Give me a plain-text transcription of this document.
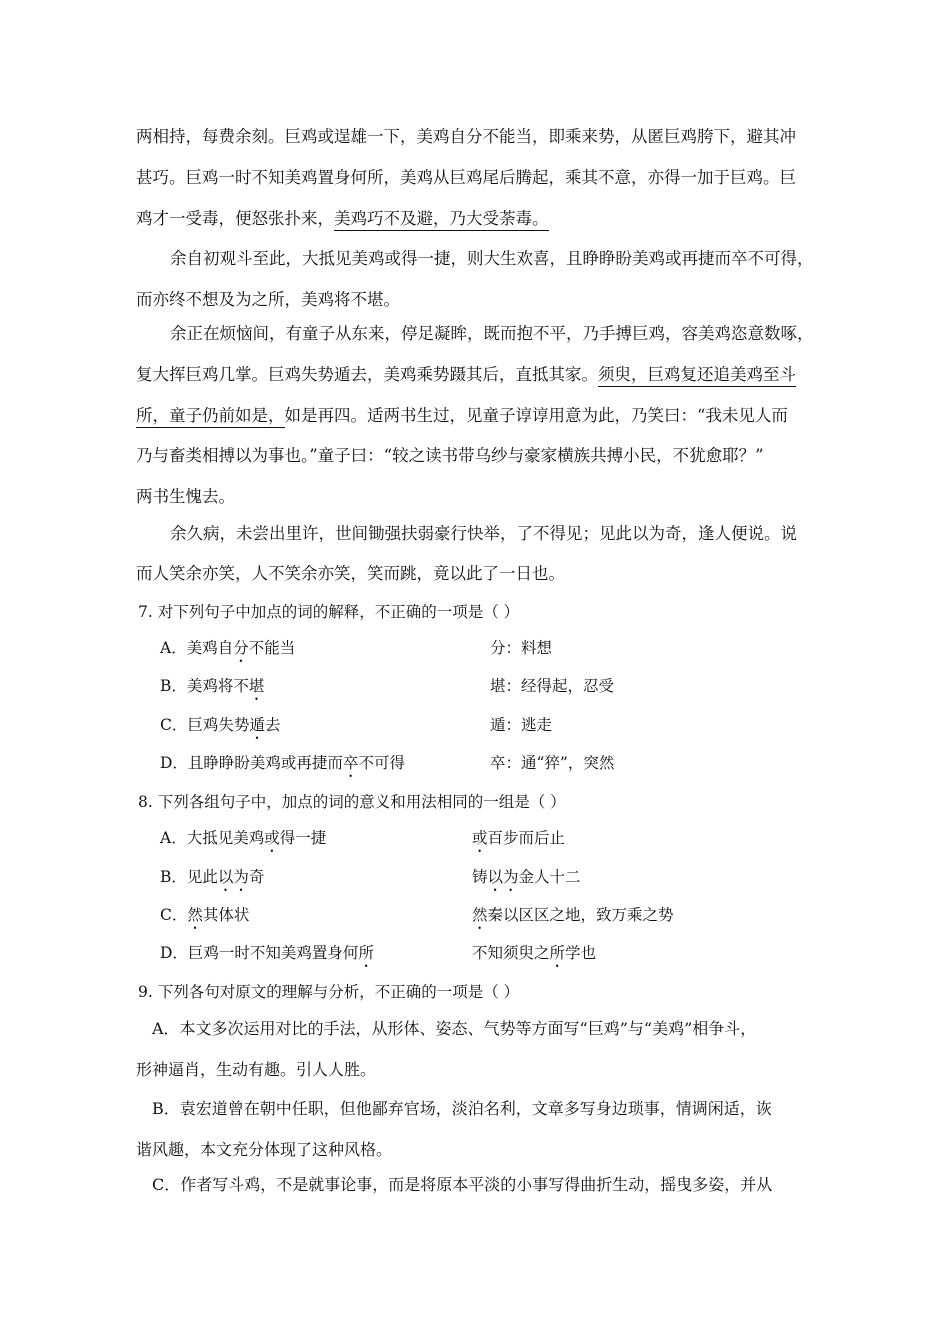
两相持，每费余刻。巨鸡或逞雄一下，美鸡自分不能当，即乘来势，从匿巨鸡胯下，避其冲
甚巧。巨鸡一时不知美鸡置身何所，美鸡从巨鸡尾后腾起，乘其不意，亦得一加于巨鸡。巨
鸡才一受毒，便怒张扑来，美鸡巧不及避，乃大受荼毒。
余自初观斗至此，大抵见美鸡或得一捷，则大生欢喜，且睁睁盼美鸡或再捷而卒不可得，
而亦终不想及为之所，美鸡将不堪。
余正在烦恼间，有童子从东来，停足凝眸，既而抱不平，乃手搏巨鸡，容美鸡恣意数啄，
复大挥巨鸡几掌。巨鸡失势遁去，美鸡乘势蹑其后，直抵其家。须臾，巨鸡复还追美鸡至斗
所，童子仍前如是，如是再四。适两书生过，见童子谆谆用意为此，乃笑曰：“我未见人而
乃与畜类相搏以为事也。”童子曰：“较之读书带乌纱与豪家横族共搏小民，不犹愈耶？”
两书生愧去。
余久病，未尝出里许，世间锄强扶弱豪行快举，了不得见；见此以为奇，逢人便说。说
而人笑余亦笑，人不笑余亦笑，笑而跳，竟以此了一日也。
7. 对下列句子中加点的词的解释，不正确的一项是（ ）
A．美鸡自分不能当	分：料想
B．美鸡将不堪	堪：经得起，忍受
C．巨鸡失势遁去	遁：逃走
D．且睁睁盼美鸡或再捷而卒不可得	卒：通“猝”，突然
8. 下列各组句子中，加点的词的意义和用法相同的一组是（ ）
A．大抵见美鸡或得一捷	或百步而后止
B．见此以为奇	铸以为金人十二
C．然其体状	然秦以区区之地，致万乘之势
D．巨鸡一时不知美鸡置身何所	不知须臾之所学也
9. 下列各句对原文的理解与分析，不正确的一项是（ ）
A．本文多次运用对比的手法，从形体、姿态、气势等方面写“巨鸡”与“美鸡”相争斗，
形神逼肖，生动有趣。引人人胜。
B．袁宏道曾在朝中任职，但他鄙弃官场，淡泊名利，文章多写身边琐事，情调闲适，诙
谐风趣，本文充分体现了这种风格。
C．作者写斗鸡，不是就事论事，而是将原本平淡的小事写得曲折生动，摇曳多姿，并从
